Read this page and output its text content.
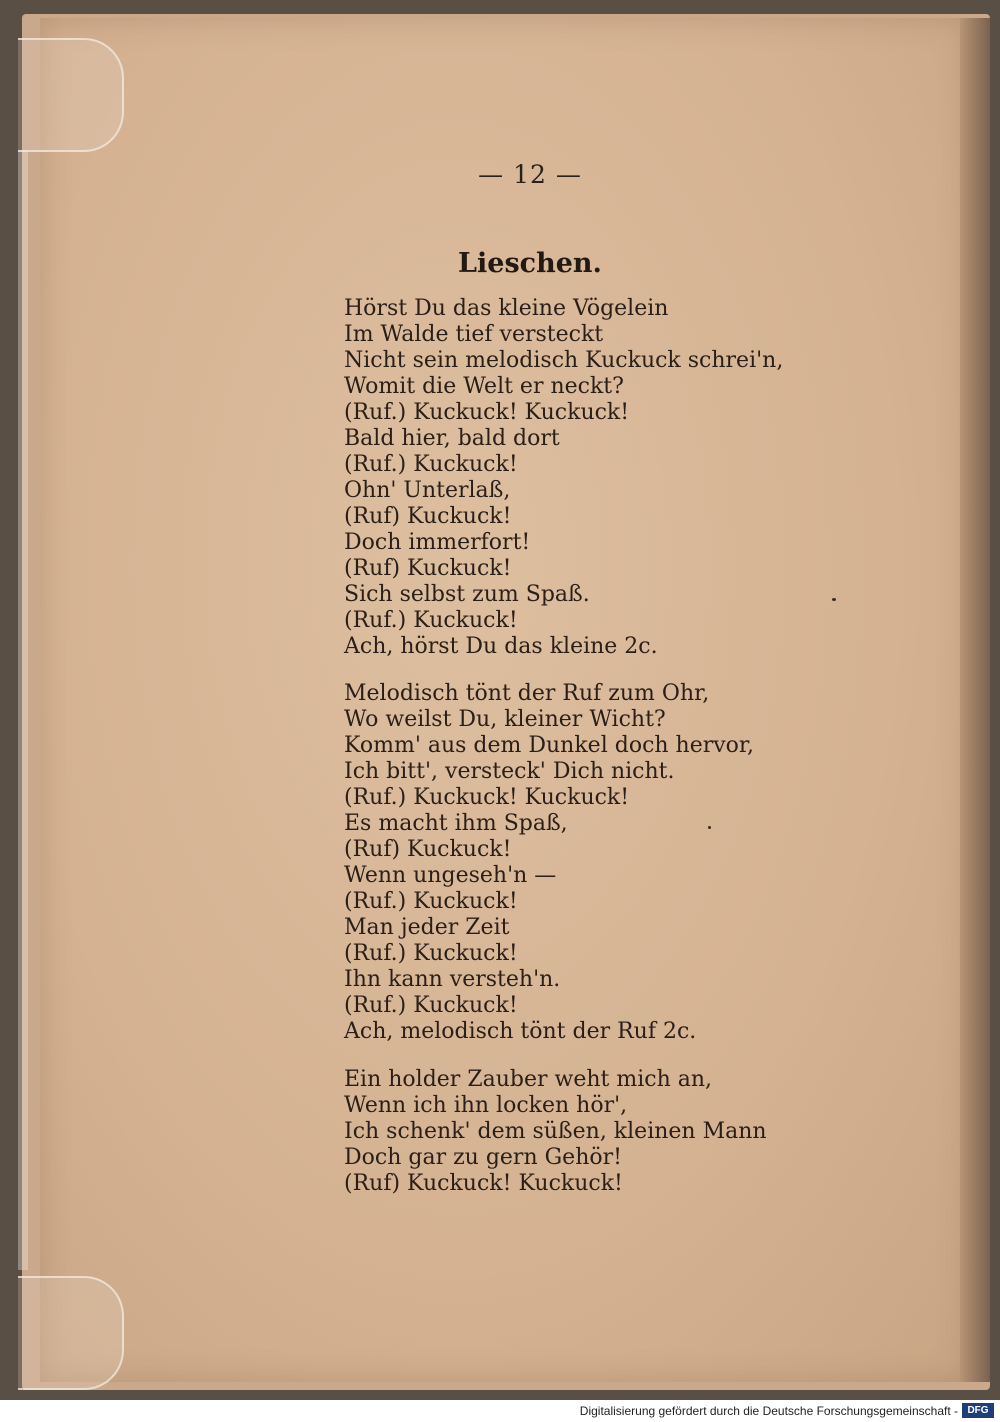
— 12 —
Lieschen.
Hörst Du das kleine Vögelein
Im Walde tief versteckt
Nicht sein melodisch Kuckuck schrei'n,
Womit die Welt er neckt?
(Ruf.) Kuckuck! Kuckuck!
Bald hier, bald dort
(Ruf.) Kuckuck!
Ohn' Unterlaß,
(Ruf) Kuckuck!
Doch immerfort!
(Ruf) Kuckuck!
Sich selbst zum Spaß.
(Ruf.) Kuckuck!
Ach, hörst Du das kleine 2c.
Melodisch tönt der Ruf zum Ohr,
Wo weilst Du, kleiner Wicht?
Komm' aus dem Dunkel doch hervor,
Ich bitt', versteck' Dich nicht.
(Ruf.) Kuckuck! Kuckuck!
Es macht ihm Spaß,
(Ruf) Kuckuck!
Wenn ungeseh'n —
(Ruf.) Kuckuck!
Man jeder Zeit
(Ruf.) Kuckuck!
Ihn kann versteh'n.
(Ruf.) Kuckuck!
Ach, melodisch tönt der Ruf 2c.
Ein holder Zauber weht mich an,
Wenn ich ihn locken hör',
Ich schenk' dem süßen, kleinen Mann
Doch gar zu gern Gehör!
(Ruf) Kuckuck! Kuckuck!
Digitalisierung gefördert durch die Deutsche Forschungsgemeinschaft - DFG
